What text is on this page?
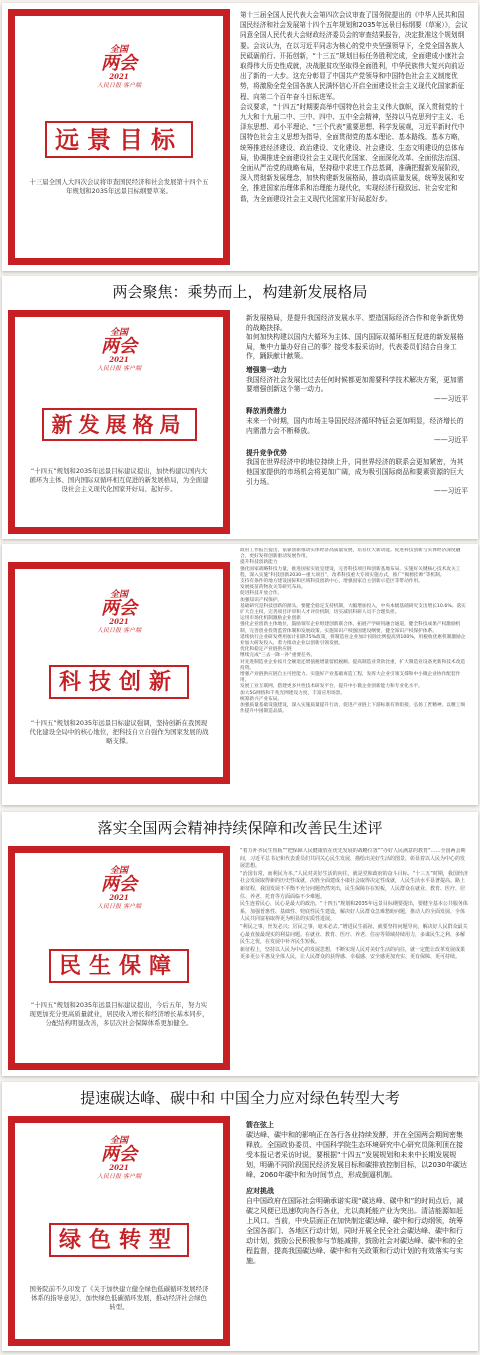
全国
两会
2021
人民日报 客户端
远景目标
十三届全国人大四次会议将审查国民经济和社会发展第十四个五年规划和2035年远景目标纲要草案。

第十三届全国人民代表大会第四次会议审查了国务院提出的《中华人民共和国国民经济和社会发展第十四个五年规划和2035年远景目标纲要（草案）》，会议同意全国人民代表大会财政经济委员会的审查结果报告，决定批准这个规划纲要。会议认为，在以习近平同志为核心的党中央坚强领导下，全党全国各族人民砥砺前行、开拓创新，“十三五”规划目标任务胜利完成，全面建成小康社会取得伟大历史性成就，决战脱贫攻坚取得全面胜利，中华民族伟大复兴向前迈出了新的一大步。这充分彰显了中国共产党领导和中国特色社会主义制度优势，将激励全党全国各族人民满怀信心开启全面建设社会主义现代化国家新征程、向第二个百年奋斗目标进军。

会议要求，“十四五”时期要高举中国特色社会主义伟大旗帜，深入贯彻党的十九大和十九届二中、三中、四中、五中全会精神，坚持以马克思列宁主义、毛泽东思想、邓小平理论、“三个代表”重要思想、科学发展观，习近平新时代中国特色社会主义思想为指导，全面贯彻党的基本理论、基本路线、基本方略，统筹推进经济建设、政治建设、文化建设、社会建设、生态文明建设的总体布局，协调推进全面建设社会主义现代化国家、全面深化改革、全面依法治国、全面从严治党的战略布局，坚持稳中求进工作总基调，准确把握新发展阶段，深入贯彻新发展理念，加快构建新发展格局，推动高质量发展，统筹发展和安全，推进国家治理体系和治理能力现代化，实现经济行稳致远、社会安定和谐，为全面建设社会主义现代化国家开好局起好步。

两会聚焦：乘势而上，构建新发展格局
全国
两会
2021
人民日报 客户端
新发展格局
“十四五”规划和2035年远景目标建议提出，加快构建以国内大循环为主体、国内国际双循环相互促进的新发展格局，为全面建设社会主义现代化国家开好局、起好步。

新发展格局，是提升我国经济发展水平、塑造国际经济合作和竞争新优势的战略抉择。

如何加快构建以国内大循环为主体、国内国际双循环相互促进的新发展格局，集中力量办好自己的事？接受本报采访时，代表委员们结合自身工作，踊跃献计献策。

增强第一动力

我国经济社会发展比过去任何时候都更加需要科学技术解决方案，更加需要增强创新这个第一动力。

——习近平

释放消费潜力

未来一个时期，国内市场主导国民经济循环特征会更加明显，经济增长的内需潜力会不断释放。

——习近平

提升竞争优势

我国在世界经济中的地位持续上升，同世界经济的联系会更加紧密，为其他国家提供的市场机会将更加广阔，成为吸引国际商品和要素资源的巨大引力场。

——习近平

全国
两会
2021
人民日报 客户端
科技创新
“十四五”规划和2035年远景目标建议强调，坚持创新在我国现代化建设全局中的核心地位，把科技自立自强作为国家发展的战略支撑。

政府工作报告提出，依靠创新推动实体经济高质量发展，培育壮大新动能。促进科技创新与实体经济深度融合，更好发挥创新驱动发展作用。

提升科技创新能力

强化国家战略科技力量，推进国家实验室建设，完善科技项目和创新基地布局。实施好关键核心技术攻关工程，深入实施“科技创新2030—重大项目”，改革科技重大专项实施方式，推广“揭榜挂帅”等机制。

支持有条件的地方建设国际和区域科技创新中心，增强国家自主创新示范区等带动作用。

发展疫苗药物攻关等研究布局。

促进科技开放合作。

加强知识产权保护。

基础研究是科技创新的源头。要健全稳定支持机制，大幅增加投入，中央本级基础研究支出增长10.6%。落实扩大自主权，完善项目评审和人才评价机制，切实减轻科研人员不合理负担。

运用市场化机制激励企业创新

强化企业创新主体地位，鼓励领军企业组建创新联合体，拓展产学研用融合通道，健全科技成果产权激励机制，完善创业投资监管体制和发展政策。实施知识产权强国建设纲要，健全知识产权保护体系。

延续执行企业研发费用加计扣除75%政策，将制造业企业加计扣除比例提高到100%，用税收优惠机制激励企业加大研发投入，着力推动企业以创新引领发展。

优化和稳定产业链供应链

继续完成“三去一降一补”重要任务。

对先进制造业企业按月全额退还增值税增量留抵税额。提高制造业贷款比重，扩大制造业设备更新和技术改造投资。

增强产业链供应链自主可控能力。实施好产业基础再造工程，发挥大企业引领支撑和中小微企业协作配套作用。

发展工业互联网，搭建更多共性技术研发平台，提升中小微企业创新能力和专业化水平。

加大5G网络和千兆光网建设力度，丰富应用场景。

统筹新兴产业布局。

加强质量基础设施建设，深入实施质量提升行动，促进产业链上下游标准有效衔接，弘扬工匠精神，以精工细作提升中国制造品质。

落实全国两会精神持续保障和改善民生述评
全国
两会
2021
人民日报 客户端
民生保障
“十四五”规划和2035年远景目标建议提出，今后五年，努力实现更加充分更高质量就业，居民收入增长和经济增长基本同步，分配结构明显改善，多层次社会保障体系更加健全。

“着力补齐民生短板”“把保障人民健康放在优先发展的战略位置”“办好人民满意的教育”……全国两会期间，习近平总书记和代表委员们共同关心民生发展，描绘出美好生活的图景，彰显着以人民为中心的发展思想。

“治国有常，而利民为本。”人民对美好生活的向往，就是党和政府的奋斗目标。“十三五”时期，我国经济社会发展取得新的历史性成就，决胜全面建成小康社会取得决定性成就，人民生活水平显著提高。路上新征程，我国发展不平衡不充分问题仍然突出，民生保障存在短板，人民群众在就业、教育、医疗、居住、养老、托育等方面面临不少难题。

民生连着民心，民心是最大的政治。“十四五”规划和2035年远景目标纲要提出，要健全基本公共服务体系，加强普惠性、基础性、兜底性民生建设，解决好人民群众急难愁盼问题，推动人的全面发展、全体人民共同富裕取得更为明显的实质性进展。

“利民之事，丝发必兴；厉民之事，毫末必去。”增进民生福祉，就要坚持问题导向，解决好人民群众最关心最直接最现实的利益问题。在就业、教育、医疗、养老、住房等领域持续用力，多谋民生之利、多解民生之忧，在发展中补齐民生短板。

新征程上，坚持以人民为中心的发展思想，不断实现人民对美好生活的向往，就一定能让改革发展成果更多更公平惠及全体人民，让人民群众的获得感、幸福感、安全感更加充实、更有保障、更可持续。

提速碳达峰、碳中和 中国全力应对绿色转型大考
全国
两会
2021
人民日报 客户端
绿色转型
国务院前不久印发了《关于加快建立健全绿色低碳循环发展经济体系的指导意见》，加快绿色低碳循环发展，推动经济社会绿色转型。

箭在弦上

碳达峰、碳中和的影响正在各行各业持续发酵，并在全国两会期间密集释放。全国政协委员、中国科学院生态环境研究中心研究员陈利顶在接受本报记者采访时说，要根据“十四五”发展规划和未来中长期发展规划，明确不同阶段国民经济发展目标和碳排放控制目标，以2030年碳达峰、2060年碳中和为时间节点，形成倒逼机制。

应对挑战

自中国政府在国际社会明确承诺实现“碳达峰、碳中和”的时间点后，减碳之风便已迅速吹向各行各业，尤以高耗能产业为突出。清洁能源如赶上风口。当前，中央层面正在加快制定碳达峰、碳中和行动纲领，统筹全国各部门、各地区行动计划，同时开展全民全社会碳达峰、碳中和行动计划，鼓励公民积极参与节能减排，鼓励社会对碳达峰、碳中和的全程监督，提高我国碳达峰、碳中和有关政策和行动计划的有效落实与实施。
